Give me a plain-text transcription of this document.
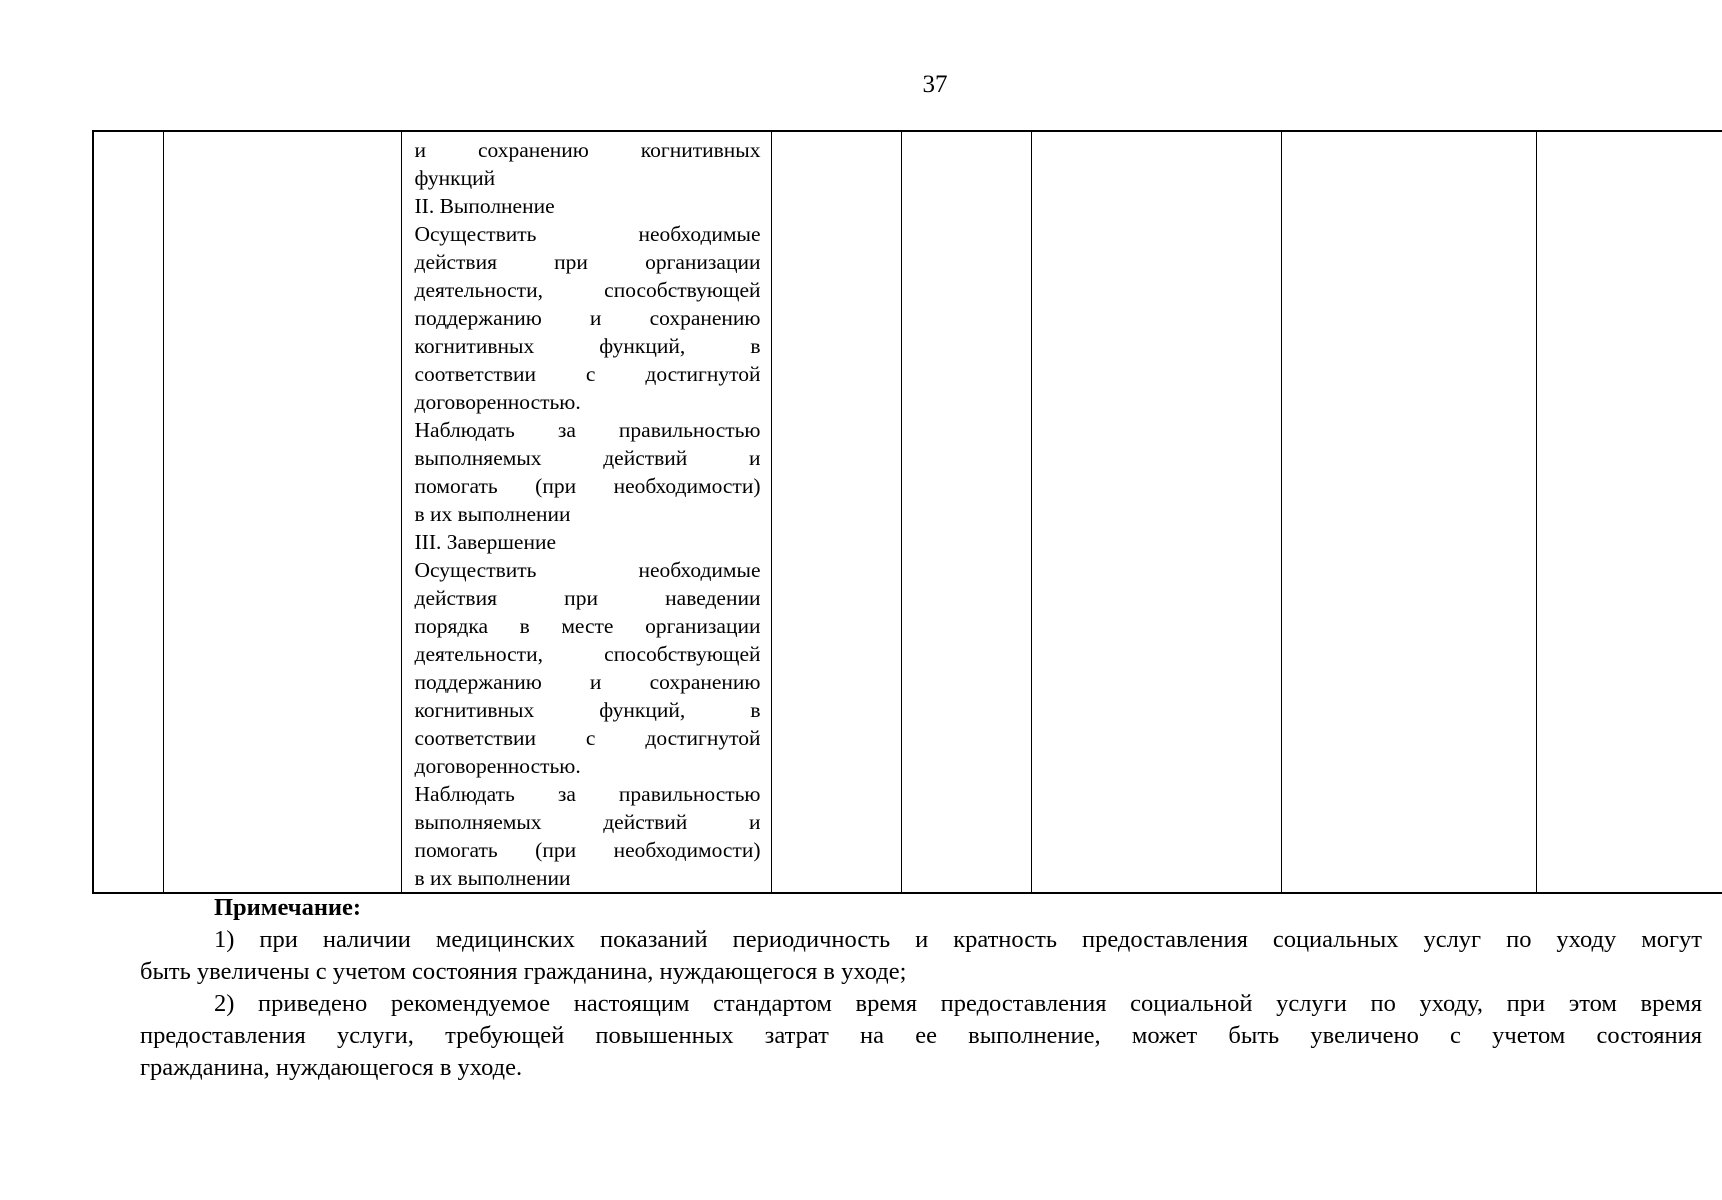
37

и сохранению когнитивных
функций
II. Выполнение
Осуществить необходимые
действия при организации
деятельности, способствующей
поддержанию и сохранению
когнитивных функций, в
соответствии с достигнутой
договоренностью.
Наблюдать за правильностью
выполняемых действий и
помогать (при необходимости)
в их выполнении
III. Завершение
Осуществить необходимые
действия при наведении
порядка в месте организации
деятельности, способствующей
поддержанию и сохранению
когнитивных функций, в
соответствии с достигнутой
договоренностью.
Наблюдать за правильностью
выполняемых действий и
помогать (при необходимости)
в их выполнении

Примечание:
1) при наличии медицинских показаний периодичность и кратность предоставления социальных услуг по уходу могут
быть увеличены с учетом состояния гражданина, нуждающегося в уходе;
2) приведено рекомендуемое настоящим стандартом время предоставления социальной услуги по уходу, при этом время
предоставления услуги, требующей повышенных затрат на ее выполнение, может быть увеличено с учетом состояния
гражданина, нуждающегося в уходе.
